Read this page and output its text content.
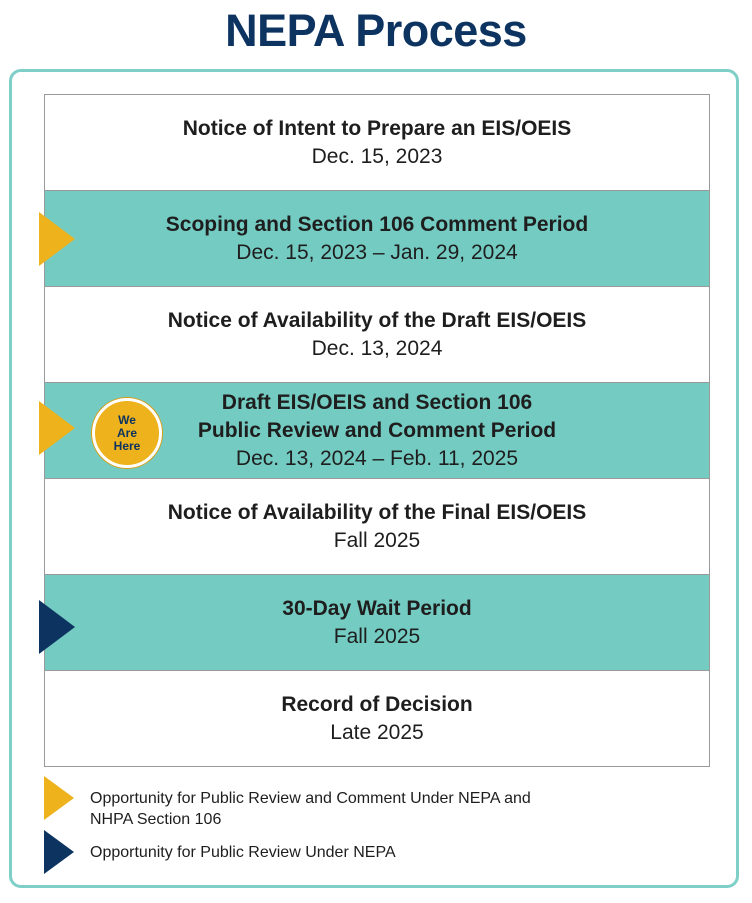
NEPA Process
Notice of Intent to Prepare an EIS/OEIS
Dec. 15, 2023
Scoping and Section 106 Comment Period
Dec. 15, 2023 – Jan. 29, 2024
Notice of Availability of the Draft EIS/OEIS
Dec. 13, 2024
Draft EIS/OEIS and Section 106
Public Review and Comment Period
Dec. 13, 2024 – Feb. 11, 2025
Notice of Availability of the Final EIS/OEIS
Fall 2025
30-Day Wait Period
Fall 2025
Record of Decision
Late 2025
We
Are
Here
Opportunity for Public Review and Comment Under NEPA and
NHPA Section 106
Opportunity for Public Review Under NEPA
